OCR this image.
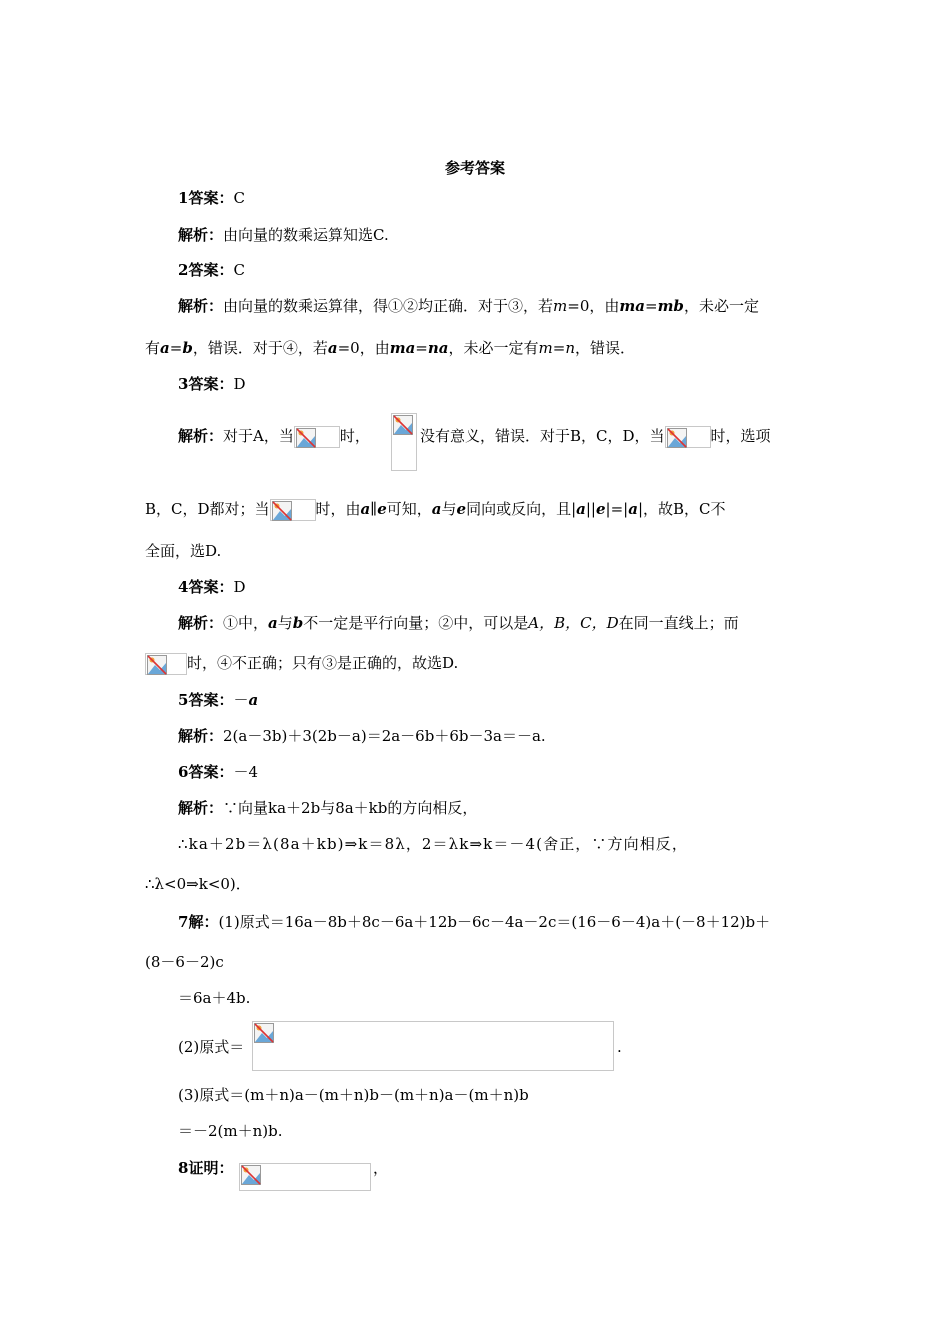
参考答案
1答案：C
解析：由向量的数乘运算知选C.
2答案：C
解析：由向量的数乘运算律，得①②均正确．对于③，若m=0，由ma=mb，未必一定
有a=b，错误．对于④，若a=0，由ma=na，未必一定有m=n，错误．
3答案：D
解析：对于A，当	时，	没有意义，错误．对于B，C，D，当	时，选项
B，C，D都对；当	时，由a∥e可知，a与e同向或反向，且|a||e|=|a|，故B，C不
全面，选D.
4答案：D
解析：①中，a与b不一定是平行向量；②中，可以是A，B，C，D在同一直线上；而
时，④不正确；只有③是正确的，故选D.
5答案：－a
解析：2(a－3b)＋3(2b－a)＝2a－6b＋6b－3a＝－a.
6答案：－4
解析：∵向量ka＋2b与8a＋kb的方向相反，
∴ka＋2b＝λ(8a＋kb)⇒k＝8λ，2＝λk⇒k＝－4(舍正，∵方向相反，
∴λ<0⇒k<0)．
7解：(1)原式＝16a－8b＋8c－6a＋12b－6c－4a－2c＝(16－6－4)a＋(－8＋12)b＋
(8－6－2)c
＝6a＋4b.
(2)原式＝	.
(3)原式＝(m＋n)a－(m＋n)b－(m＋n)a－(m＋n)b
＝－2(m＋n)b.
8证明：	，
